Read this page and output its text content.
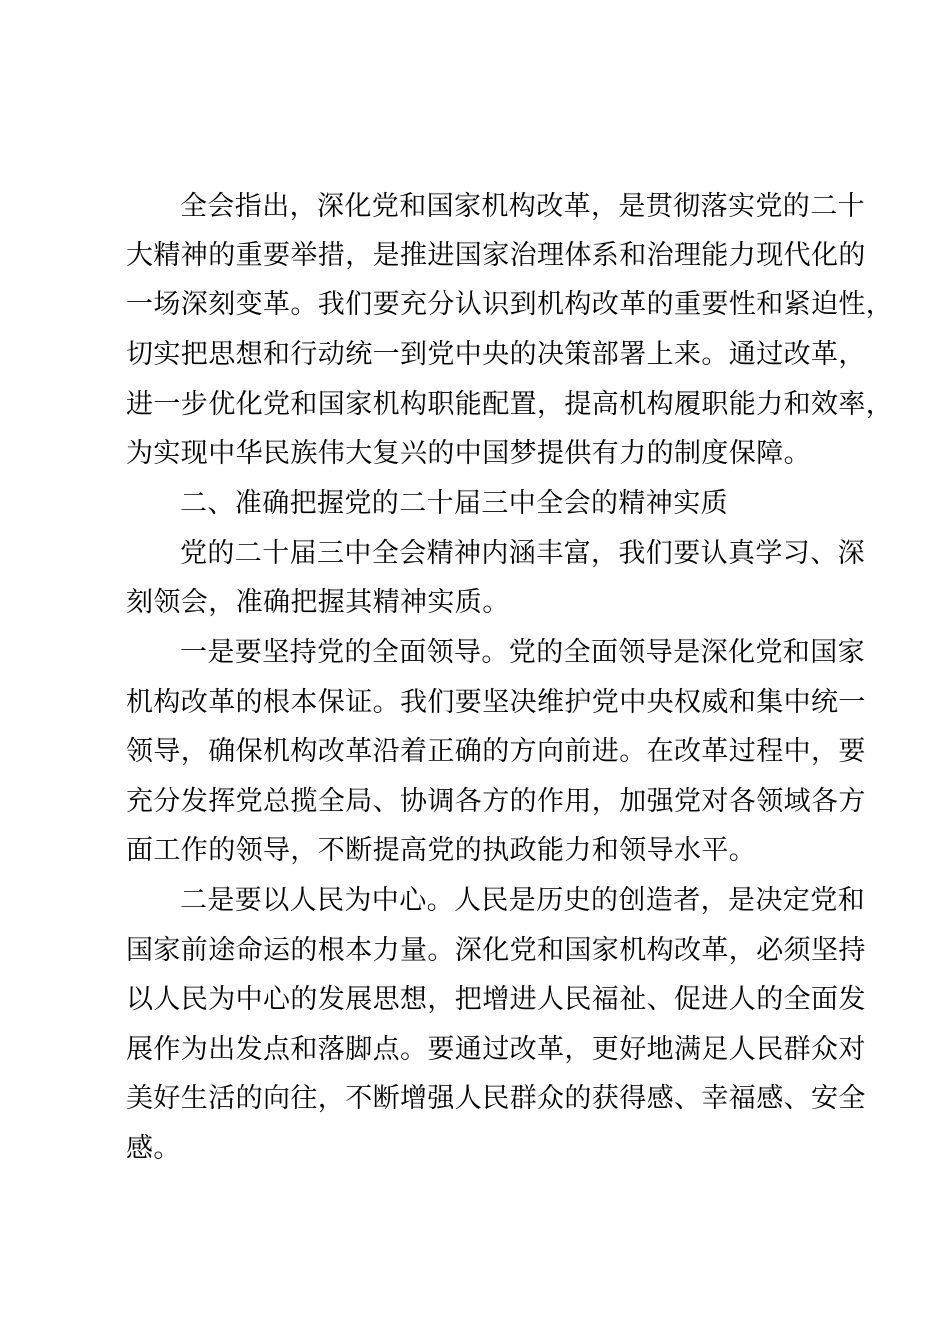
全会指出，深化党和国家机构改革，是贯彻落实党的二十
大精神的重要举措，是推进国家治理体系和治理能力现代化的
一场深刻变革。我们要充分认识到机构改革的重要性和紧迫性，
切实把思想和行动统一到党中央的决策部署上来。通过改革，
进一步优化党和国家机构职能配置，提高机构履职能力和效率，
为实现中华民族伟大复兴的中国梦提供有力的制度保障。
二、准确把握党的二十届三中全会的精神实质
党的二十届三中全会精神内涵丰富，我们要认真学习、深
刻领会，准确把握其精神实质。
一是要坚持党的全面领导。党的全面领导是深化党和国家
机构改革的根本保证。我们要坚决维护党中央权威和集中统一
领导，确保机构改革沿着正确的方向前进。在改革过程中，要
充分发挥党总揽全局、协调各方的作用，加强党对各领域各方
面工作的领导，不断提高党的执政能力和领导水平。
二是要以人民为中心。人民是历史的创造者，是决定党和
国家前途命运的根本力量。深化党和国家机构改革，必须坚持
以人民为中心的发展思想，把增进人民福祉、促进人的全面发
展作为出发点和落脚点。要通过改革，更好地满足人民群众对
美好生活的向往，不断增强人民群众的获得感、幸福感、安全
感。
